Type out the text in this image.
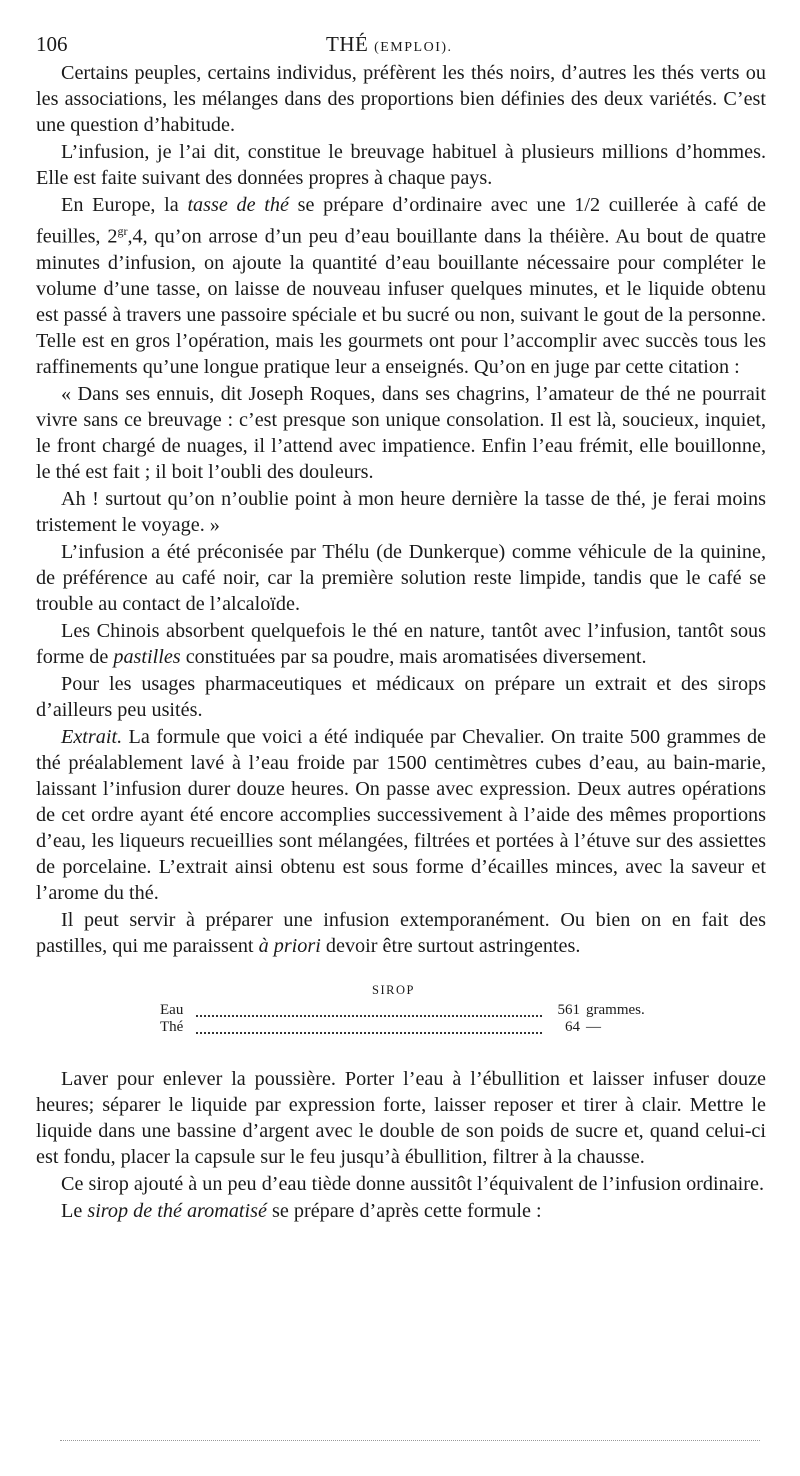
106	THÉ (EMPLOI).

Certains peuples, certains individus, préfèrent les thés noirs, d’autres les thés verts ou les associations, les mélanges dans des proportions bien définies des deux variétés. C’est une question d’habitude.

L’infusion, je l’ai dit, constitue le breuvage habituel à plusieurs millions d’hommes. Elle est faite suivant des données propres à chaque pays.

En Europe, la tasse de thé se prépare d’ordinaire avec une 1/2 cuillerée à café de feuilles, $2^{gr},4$, qu’on arrose d’un peu d’eau bouillante dans la théière. Au bout de quatre minutes d’infusion, on ajoute la quantité d’eau bouillante nécessaire pour compléter le volume d’une tasse, on laisse de nouveau infuser quelques minutes, et le liquide obtenu est passé à travers une passoire spéciale et bu sucré ou non, suivant le gout de la personne. Telle est en gros l’opération, mais les gourmets ont pour l’accomplir avec succès tous les raffinements qu’une longue pratique leur a enseignés. Qu’on en juge par cette citation :

« Dans ses ennuis, dit Joseph Roques, dans ses chagrins, l’amateur de thé ne pourrait vivre sans ce breuvage : c’est presque son unique consolation. Il est là, soucieux, inquiet, le front chargé de nuages, il l’attend avec impatience. Enfin l’eau frémit, elle bouillonne, le thé est fait ; il boit l’oubli des douleurs.

Ah ! surtout qu’on n’oublie point à mon heure dernière la tasse de thé, je ferai moins tristement le voyage. »

L’infusion a été préconisée par Thélu (de Dunkerque) comme véhicule de la quinine, de préférence au café noir, car la première solution reste limpide, tandis que le café se trouble au contact de l’alcaloïde.

Les Chinois absorbent quelquefois le thé en nature, tantôt avec l’infusion, tantôt sous forme de pastilles constituées par sa poudre, mais aromatisées diversement.

Pour les usages pharmaceutiques et médicaux on prépare un extrait et des sirops d’ailleurs peu usités.

Extrait. La formule que voici a été indiquée par Chevalier. On traite 500 grammes de thé préalablement lavé à l’eau froide par 1500 centimètres cubes d’eau, au bain-marie, laissant l’infusion durer douze heures. On passe avec expression. Deux autres opérations de cet ordre ayant été encore accomplies successivement à l’aide des mêmes proportions d’eau, les liqueurs recueillies sont mélangées, filtrées et portées à l’étuve sur des assiettes de porcelaine. L’extrait ainsi obtenu est sous forme d’écailles minces, avec la saveur et l’arome du thé.

Il peut servir à préparer une infusion extemporanément. Ou bien on en fait des pastilles, qui me paraissent à priori devoir être surtout astringentes.

SIROP
Eau	561	grammes.
Thé	64	—

Laver pour enlever la poussière. Porter l’eau à l’ébullition et laisser infuser douze heures; séparer le liquide par expression forte, laisser reposer et tirer à clair. Mettre le liquide dans une bassine d’argent avec le double de son poids de sucre et, quand celui-ci est fondu, placer la capsule sur le feu jusqu’à ébullition, filtrer à la chausse.

Ce sirop ajouté à un peu d’eau tiède donne aussitôt l’équivalent de l’infusion ordinaire.

Le sirop de thé aromatisé se prépare d’après cette formule :
